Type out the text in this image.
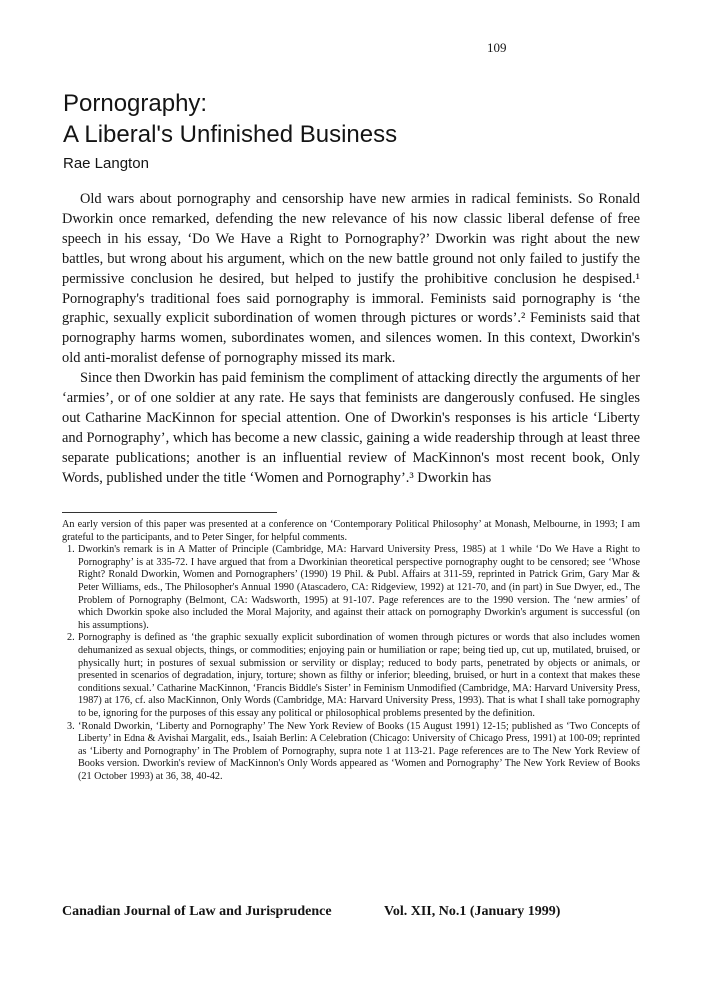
109
Pornography:
A Liberal's Unfinished Business
Rae Langton

Old wars about pornography and censorship have new armies in radical feminists. So Ronald Dworkin once remarked, defending the new relevance of his now classic liberal defense of free speech in his essay, ‘Do We Have a Right to Pornography?’ Dworkin was right about the new battles, but wrong about his argument, which on the new battle ground not only failed to justify the permissive conclusion he desired, but helped to justify the prohibitive conclusion he despised.¹ Pornography's traditional foes said pornography is immoral. Feminists said pornography is ‘the graphic, sexually explicit subordination of women through pictures or words’.² Feminists said that pornography harms women, subordinates women, and silences women. In this context, Dworkin's old anti-moralist defense of pornography missed its mark.

Since then Dworkin has paid feminism the compliment of attacking directly the arguments of her ‘armies’, or of one soldier at any rate. He says that feminists are dangerously confused. He singles out Catharine MacKinnon for special attention. One of Dworkin's responses is his article ‘Liberty and Pornography’, which has become a new classic, gaining a wide readership through at least three separate publications; another is an influential review of MacKinnon's most recent book, Only Words, published under the title ‘Women and Pornography’.³ Dworkin has

An early version of this paper was presented at a conference on ‘Contemporary Political Philosophy’ at Monash, Melbourne, in 1993; I am grateful to the participants, and to Peter Singer, for helpful comments.

1. Dworkin's remark is in A Matter of Principle (Cambridge, MA: Harvard University Press, 1985) at 1 while ‘Do We Have a Right to Pornography’ is at 335-72. I have argued that from a Dworkinian theoretical perspective pornography ought to be censored; see ‘Whose Right? Ronald Dworkin, Women and Pornographers’ (1990) 19 Phil. & Publ. Affairs at 311-59, reprinted in Patrick Grim, Gary Mar & Peter Williams, eds., The Philosopher's Annual 1990 (Atascadero, CA: Ridgeview, 1992) at 121-70, and (in part) in Sue Dwyer, ed., The Problem of Pornography (Belmont, CA: Wadsworth, 1995) at 91-107. Page references are to the 1990 version. The ‘new armies’ of which Dworkin spoke also included the Moral Majority, and against their attack on pornography Dworkin's argument is successful (on his assumptions).
2. Pornography is defined as ‘the graphic sexually explicit subordination of women through pictures or words that also includes women dehumanized as sexual objects, things, or commodities; enjoying pain or humiliation or rape; being tied up, cut up, mutilated, bruised, or physically hurt; in postures of sexual submission or servility or display; reduced to body parts, penetrated by objects or animals, or presented in scenarios of degradation, injury, torture; shown as filthy or inferior; bleeding, bruised, or hurt in a context that makes these conditions sexual.’ Catharine MacKinnon, ‘Francis Biddle's Sister’ in Feminism Unmodified (Cambridge, MA: Harvard University Press, 1987) at 176, cf. also MacKinnon, Only Words (Cambridge, MA: Harvard University Press, 1993). That is what I shall take pornography to be, ignoring for the purposes of this essay any political or philosophical problems presented by the definition.
3. ‘Ronald Dworkin, ‘Liberty and Pornography’ The New York Review of Books (15 August 1991) 12-15; published as ‘Two Concepts of Liberty’ in Edna & Avishai Margalit, eds., Isaiah Berlin: A Celebration (Chicago: University of Chicago Press, 1991) at 100-09; reprinted as ‘Liberty and Pornography’ in The Problem of Pornography, supra note 1 at 113-21. Page references are to The New York Review of Books version. Dworkin's review of MacKinnon's Only Words appeared as ‘Women and Pornography’ The New York Review of Books (21 October 1993) at 36, 38, 40-42.
Canadian Journal of Law and Jurisprudence	Vol. XII, No.1 (January 1999)
